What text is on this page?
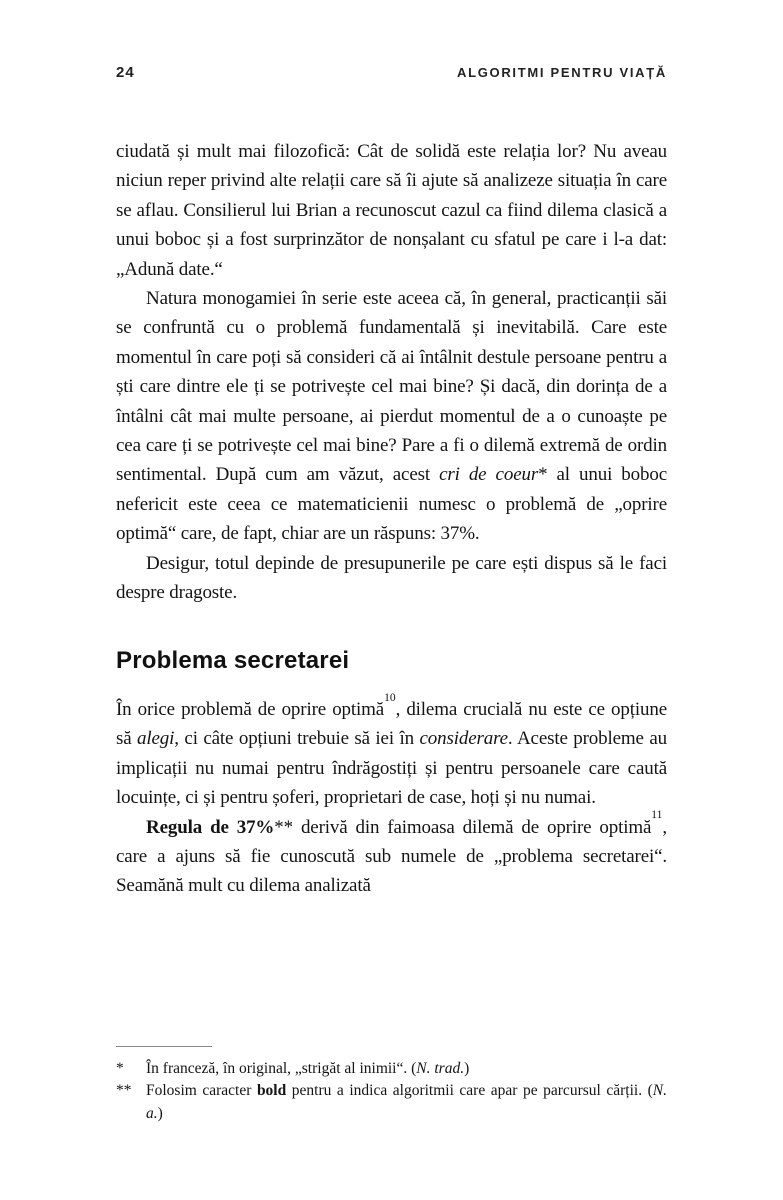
24	ALGORITMI PENTRU VIAȚĂ

ciudată și mult mai filozofică: Cât de solidă este relația lor? Nu aveau niciun reper privind alte relații care să îi ajute să analizeze situația în care se aflau. Consilierul lui Brian a recunoscut cazul ca fiind dilema clasică a unui boboc și a fost surprinzător de nonșalant cu sfatul pe care i l-a dat: „Adună date.“

Natura monogamiei în serie este aceea că, în general, practicanții săi se confruntă cu o problemă fundamentală și inevitabilă. Care este momentul în care poți să consideri că ai întâlnit destule persoane pentru a ști care dintre ele ți se potrivește cel mai bine? Și dacă, din dorința de a întâlni cât mai multe persoane, ai pierdut momentul de a o cunoaște pe cea care ți se potrivește cel mai bine? Pare a fi o dilemă extremă de ordin sentimental. După cum am văzut, acest cri de coeur* al unui boboc nefericit este ceea ce matematicienii numesc o problemă de „oprire optimă“ care, de fapt, chiar are un răspuns: 37%.

Desigur, totul depinde de presupunerile pe care ești dispus să le faci despre dragoste.

Problema secretarei

În orice problemă de oprire optimă$^{10}$, dilema crucială nu este ce opțiune să alegi, ci câte opțiuni trebuie să iei în considerare. Aceste probleme au implicații nu numai pentru îndrăgostiți și pentru persoanele care caută locuințe, ci și pentru șoferi, proprietari de case, hoți și nu numai.

Regula de 37%** derivă din faimoasa dilemă de oprire optimă$^{11}$, care a ajuns să fie cunoscută sub numele de „problema secretarei“. Seamănă mult cu dilema analizată

*	În franceză, în original, „strigăt al inimii“. (N. trad.)
** Folosim caracter bold pentru a indica algoritmii care apar pe parcursul cărții. (N. a.)
